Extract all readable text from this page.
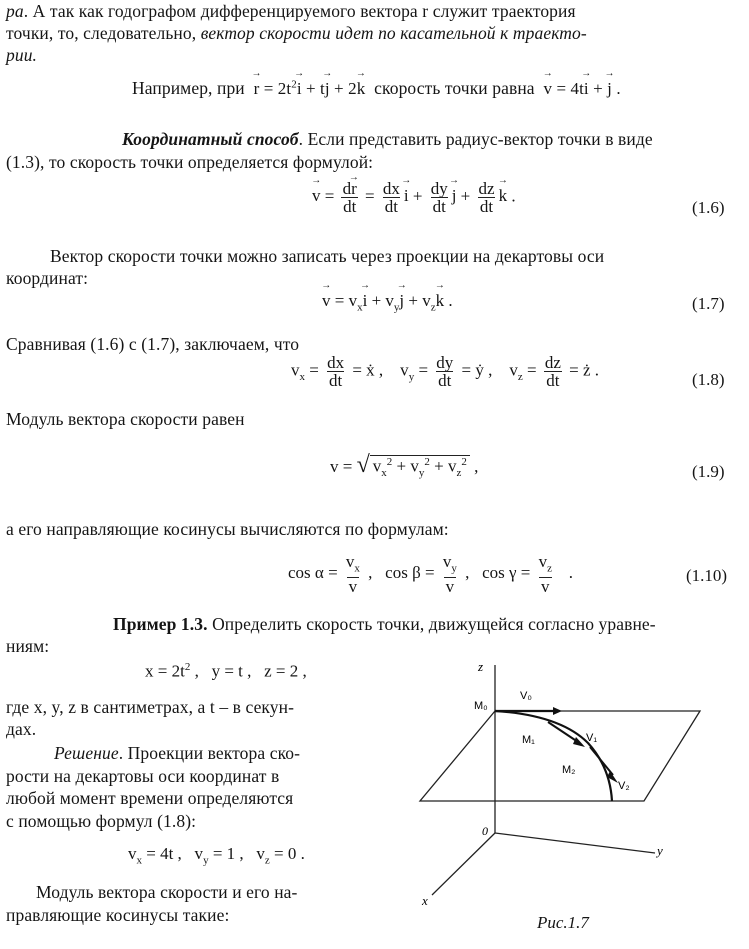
ра. А так как годографом дифференцируемого вектора → r служит траектория
точки, то, следовательно, вектор скорости идет по касательной к траекто-
рии.
Например, при  → $r = 2t^2\to i + t\to j + 2\to k$ скорость точки равна  → v = 4t→ i + → j .
Координатный способ. Если представить радиус-вектор точки в виде
(1.3), то скорость точки определяется формулой:
→ $v = \frac{d\to r}{dt} = \frac{dx}{dt}$
→ $i + \frac{dy}{dt}$
→ $j + \frac{dz}{dt}$
→ k .
(1.6)
Вектор скорости точки можно записать через проекции на декартовы оси
координат:
→ $v = v_x\to i + v_y\to j + v_z\to k$ .	(1.7)
Сравнивая (1.6) с (1.7), заключаем, что
$v_x = \frac{dx}{dt}$ = ẋ ,    $v_y = \frac{dy}{dt}$ = ẏ ,    $v_z = \frac{dz}{dt}$ = ż .
(1.8)
Модуль вектора скорости равен
v = √ $v_x^2 + v_y^2 + v_z^2$ ,	(1.9)
а его направляющие косинусы вычисляются по формулам:
$\cos \alpha = \frac{v_x}{v}$ ,   $\cos \beta = \frac{v_y}{v}$ ,   $\cos \gamma = \frac{v_z}{v}$ .	(1.10)
Пример 1.3. Определить скорость точки, движущейся согласно уравне-
ниям:
$x = 2t^2$ ,   y = t ,   z = 2 ,
где x, y, z в сантиметрах, а t – в секун-
дах.
Решение. Проекции вектора ско-
рости на декартовы оси координат в
любой момент времени определяются
с помощью формул (1.8):
$v_x = 4t$ ,   $v_y = 1$ ,   $v_z = 0$ .
Модуль вектора скорости и его на-
правляющие косинусы такие:
z
y
x
0
M₀
M₁
M₂
V₀
V₁
V₂
Рис.1.7
